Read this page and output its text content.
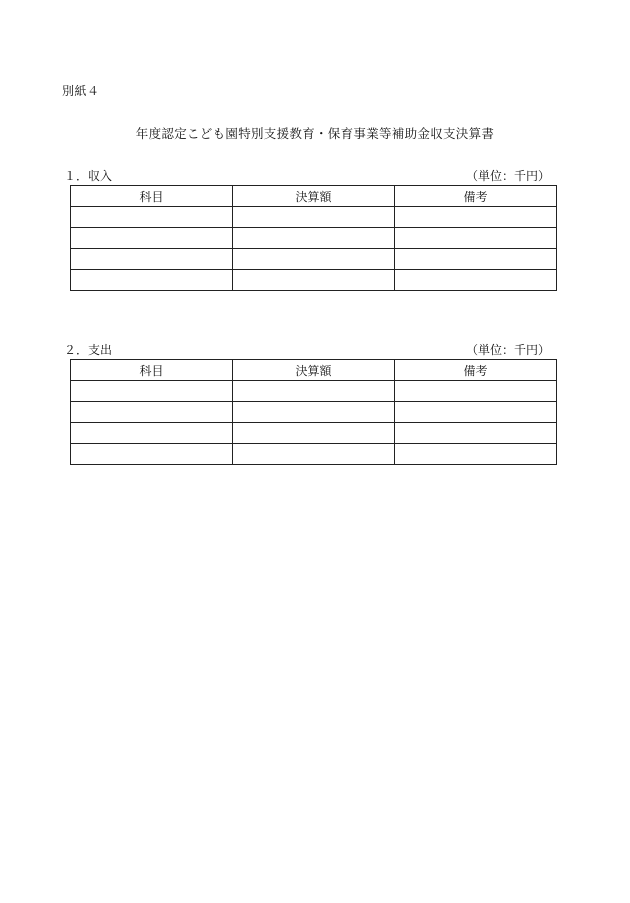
別紙４
年度認定こども園特別支援教育・保育事業等補助金収支決算書
１．収入	（単位：千円）
科目	決算額	備考

２．支出	（単位：千円）
科目	決算額	備考
